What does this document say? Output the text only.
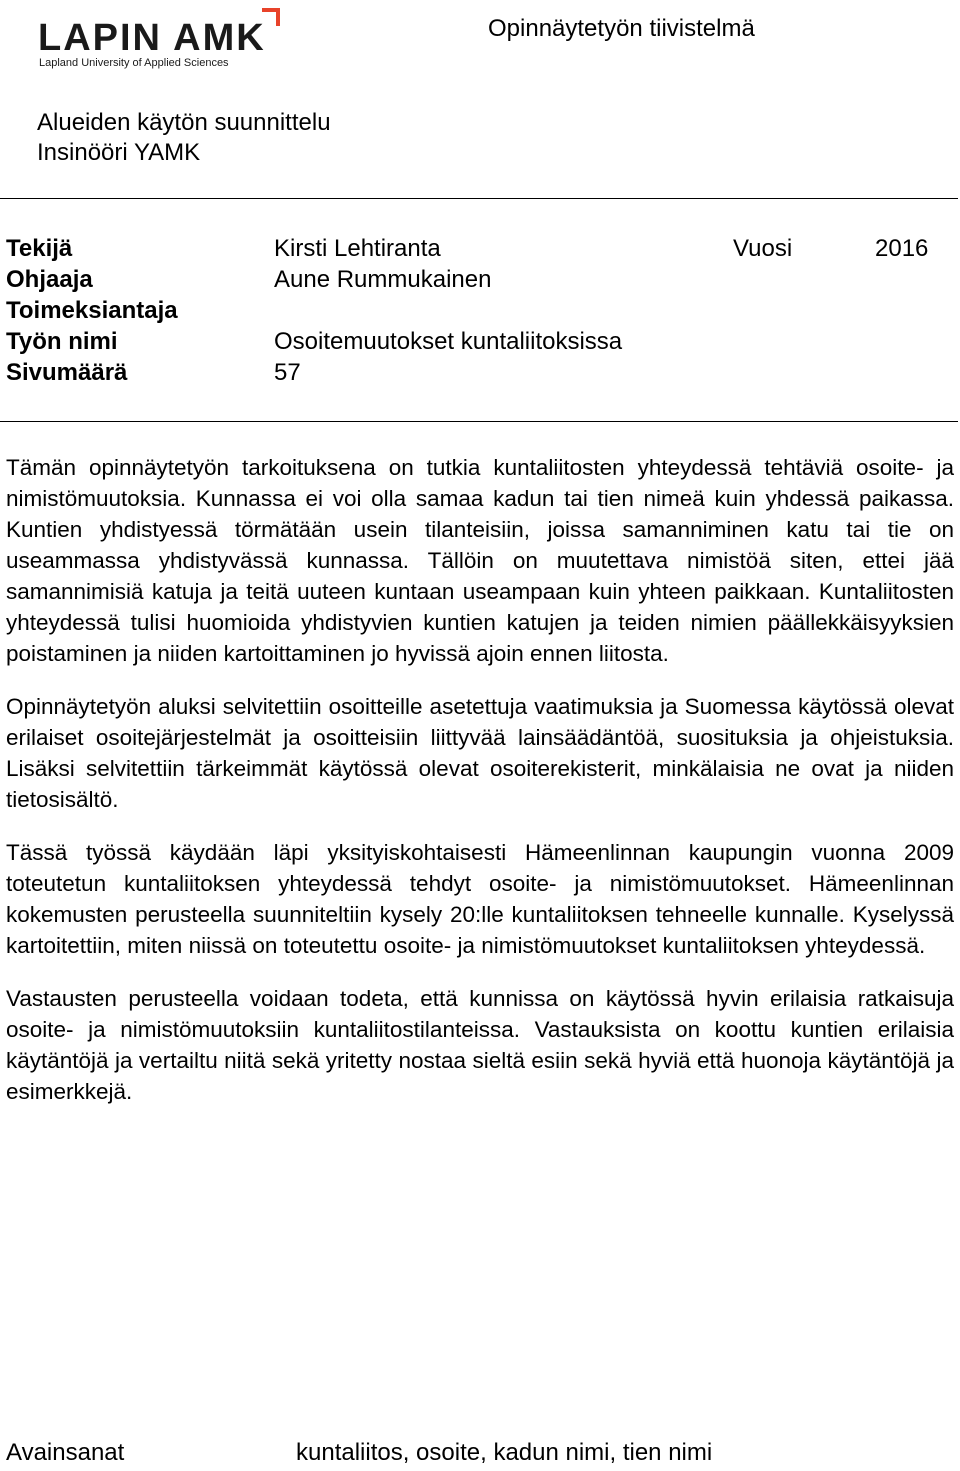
LAPIN AMK
Lapland University of Applied Sciences
Opinnäytetyön tiivistelmä
Alueiden käytön suunnittelu
Insinööri YAMK
Tekijä	Kirsti Lehtiranta	Vuosi	2016
Ohjaaja	Aune Rummukainen
Toimeksiantaja
Työn nimi	Osoitemuutokset kuntaliitoksissa
Sivumäärä	57

Tämän opinnäytetyön tarkoituksena on tutkia kuntaliitosten yhteydessä tehtäviä osoite- ja nimistömuutoksia. Kunnassa ei voi olla samaa kadun tai tien nimeä kuin yhdessä paikassa. Kuntien yhdistyessä törmätään usein tilanteisiin, joissa samanniminen katu tai tie on useammassa yhdistyvässä kunnassa. Tällöin on muutettava nimistöä siten, ettei jää samannimisiä katuja ja teitä uuteen kuntaan useampaan kuin yhteen paikkaan. Kuntaliitosten yhteydessä tulisi huomioida yhdistyvien kuntien katujen ja teiden nimien päällekkäisyyksien poistaminen ja niiden kartoittaminen jo hyvissä ajoin ennen liitosta.

Opinnäytetyön aluksi selvitettiin osoitteille asetettuja vaatimuksia ja Suomessa käytössä olevat erilaiset osoitejärjestelmät ja osoitteisiin liittyvää lainsäädäntöä, suosituksia ja ohjeistuksia. Lisäksi selvitettiin tärkeimmät käytössä olevat osoiterekisterit, minkälaisia ne ovat ja niiden tietosisältö.

Tässä työssä käydään läpi yksityiskohtaisesti Hämeenlinnan kaupungin vuonna 2009 toteutetun kuntaliitoksen yhteydessä tehdyt osoite- ja nimistömuutokset. Hämeenlinnan kokemusten perusteella suunniteltiin kysely 20:lle kuntaliitoksen tehneelle kunnalle. Kyselyssä kartoitettiin, miten niissä on toteutettu osoite- ja nimistömuutokset kuntaliitoksen yhteydessä.

Vastausten perusteella voidaan todeta, että kunnissa on käytössä hyvin erilaisia ratkaisuja osoite- ja nimistömuutoksiin kuntaliitostilanteissa. Vastauksista on koottu kuntien erilaisia käytäntöjä ja vertailtu niitä sekä yritetty nostaa sieltä esiin sekä hyviä että huonoja käytäntöjä ja esimerkkejä.

Avainsanat	kuntaliitos, osoite, kadun nimi, tien nimi
